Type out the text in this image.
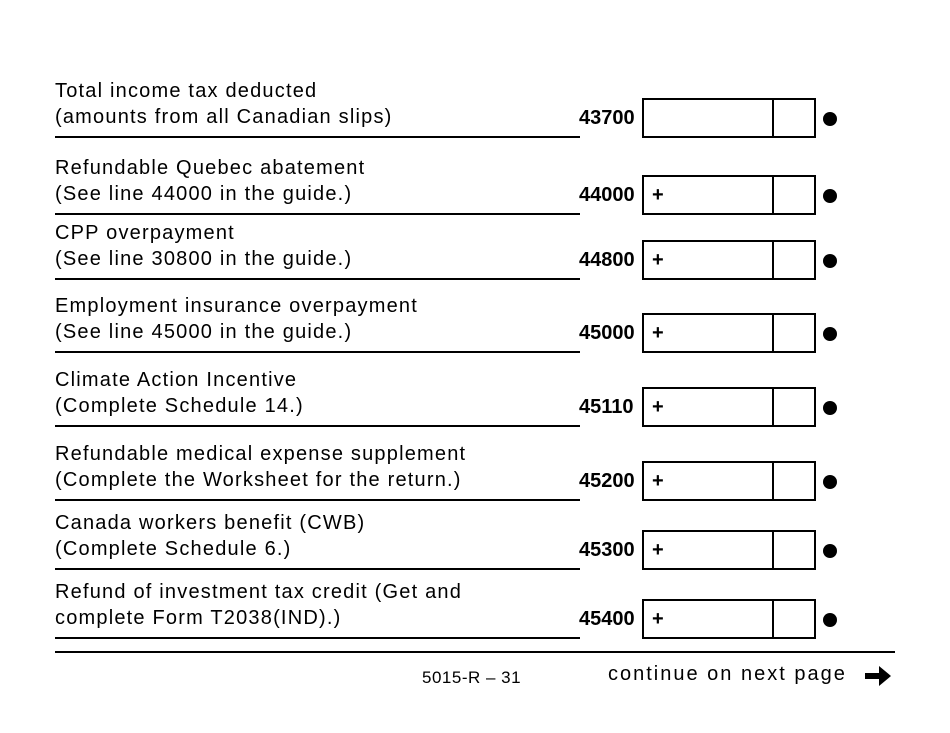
Total income tax deducted
(amounts from all Canadian slips)	43700
Refundable Quebec abatement
(See line 44000 in the guide.)	44000 +
CPP overpayment
(See line 30800 in the guide.)	44800 +
Employment insurance overpayment
(See line 45000 in the guide.)	45000 +
Climate Action Incentive
(Complete Schedule 14.)	45110 +
Refundable medical expense supplement
(Complete the Worksheet for the return.)	45200 +
Canada workers benefit (CWB)
(Complete Schedule 6.)	45300 +
Refund of investment tax credit (Get and
complete Form T2038(IND).)	45400 +
5015-R – 31	continue on next page
